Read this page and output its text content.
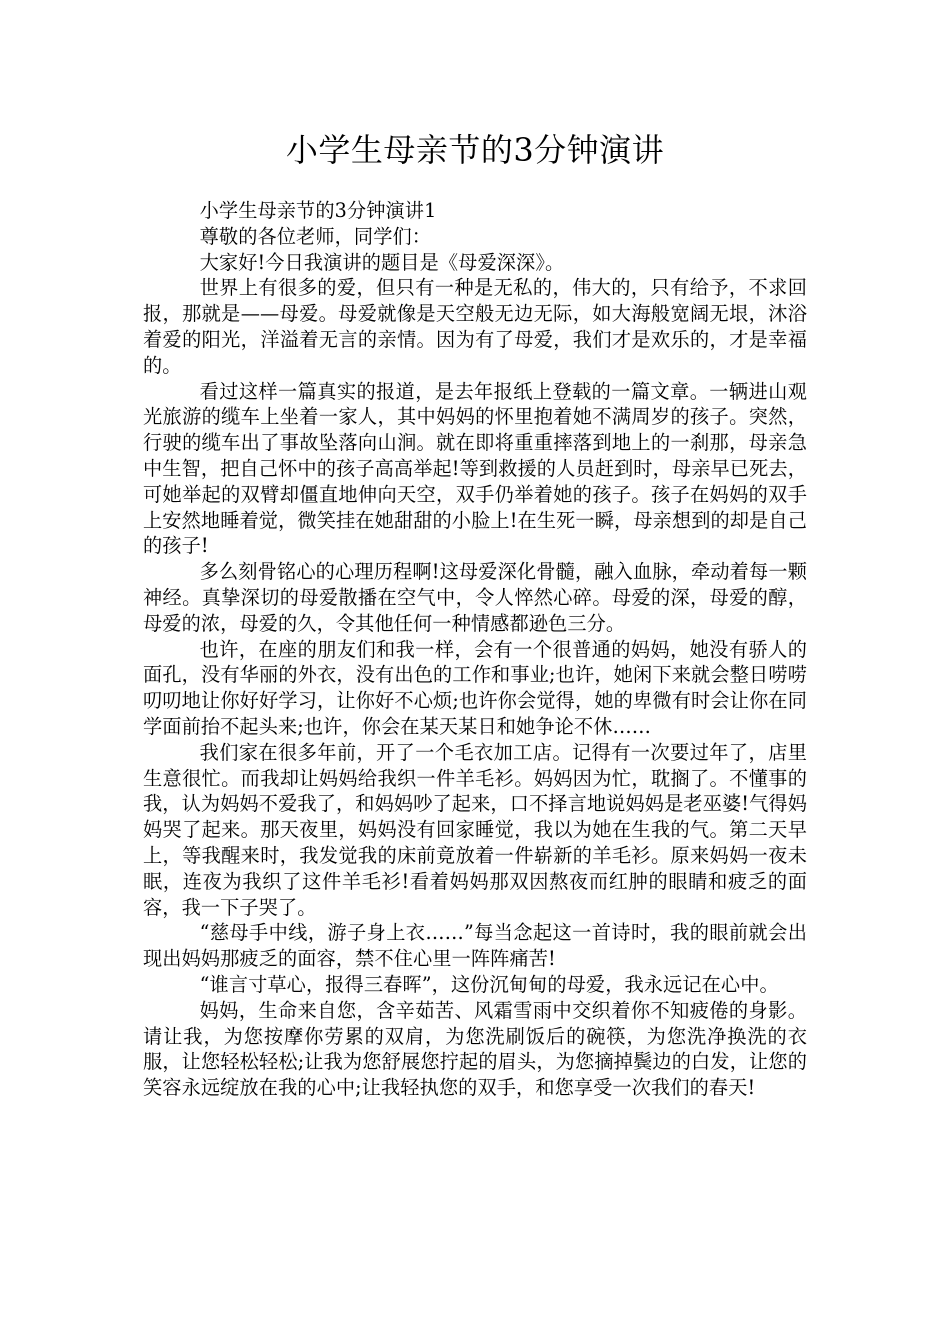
小学生母亲节的3分钟演讲

小学生母亲节的3分钟演讲1

尊敬的各位老师，同学们：

大家好!今日我演讲的题目是《母爱深深》。

世界上有很多的爱，但只有一种是无私的，伟大的，只有给予，不求回报，那就是——母爱。母爱就像是天空般无边无际，如大海般宽阔无垠，沐浴着爱的阳光，洋溢着无言的亲情。因为有了母爱，我们才是欢乐的，才是幸福的。

看过这样一篇真实的报道，是去年报纸上登载的一篇文章。一辆进山观光旅游的缆车上坐着一家人，其中妈妈的怀里抱着她不满周岁的孩子。突然，行驶的缆车出了事故坠落向山涧。就在即将重重摔落到地上的一刹那，母亲急中生智，把自己怀中的孩子高高举起!等到救援的人员赶到时，母亲早已死去，可她举起的双臂却僵直地伸向天空，双手仍举着她的孩子。孩子在妈妈的双手上安然地睡着觉，微笑挂在她甜甜的小脸上!在生死一瞬，母亲想到的却是自己的孩子!

多么刻骨铭心的心理历程啊!这母爱深化骨髓，融入血脉，牵动着每一颗神经。真挚深切的母爱散播在空气中，令人悴然心碎。母爱的深，母爱的醇，母爱的浓，母爱的久，令其他任何一种情感都逊色三分。

也许，在座的朋友们和我一样，会有一个很普通的妈妈，她没有骄人的面孔，没有华丽的外衣，没有出色的工作和事业;也许，她闲下来就会整日唠唠叨叨地让你好好学习，让你好不心烦;也许你会觉得，她的卑微有时会让你在同学面前抬不起头来;也许，你会在某天某日和她争论不休……

我们家在很多年前，开了一个毛衣加工店。记得有一次要过年了，店里生意很忙。而我却让妈妈给我织一件羊毛衫。妈妈因为忙，耽搁了。不懂事的我，认为妈妈不爱我了，和妈妈吵了起来，口不择言地说妈妈是老巫婆!气得妈妈哭了起来。那天夜里，妈妈没有回家睡觉，我以为她在生我的气。第二天早上，等我醒来时，我发觉我的床前竟放着一件崭新的羊毛衫。原来妈妈一夜未眠，连夜为我织了这件羊毛衫!看着妈妈那双因熬夜而红肿的眼睛和疲乏的面容，我一下子哭了。

“慈母手中线，游子身上衣……”每当念起这一首诗时，我的眼前就会出现出妈妈那疲乏的面容，禁不住心里一阵阵痛苦!

“谁言寸草心，报得三春晖”，这份沉甸甸的母爱，我永远记在心中。

妈妈，生命来自您，含辛茹苦、风霜雪雨中交织着你不知疲倦的身影。请让我，为您按摩你劳累的双肩，为您洗刷饭后的碗筷，为您洗净换洗的衣服，让您轻松轻松;让我为您舒展您拧起的眉头，为您摘掉鬓边的白发，让您的笑容永远绽放在我的心中;让我轻执您的双手，和您享受一次我们的春天!
